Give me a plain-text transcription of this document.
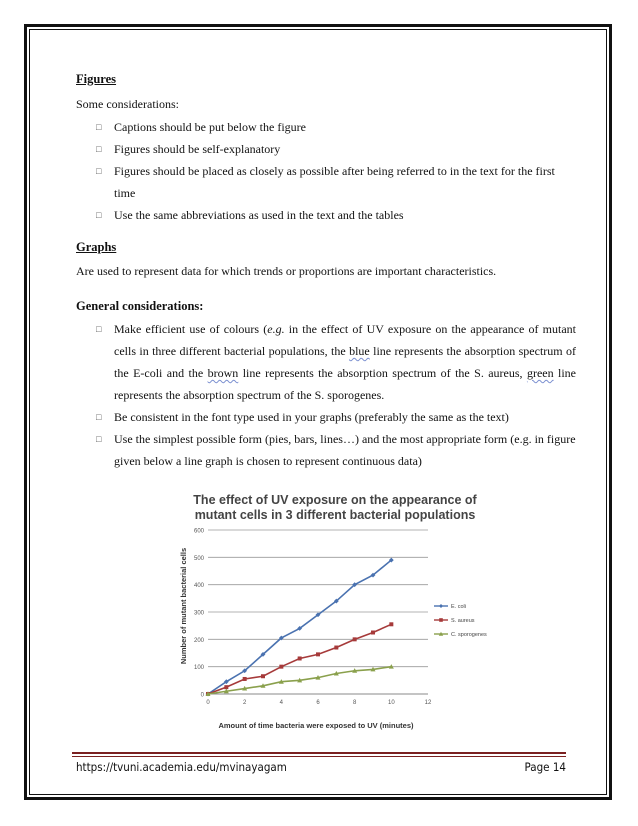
Figures

Some considerations:

□	Captions should be put below the figure
□	Figures should be self-explanatory
□	Figures should be placed as closely as possible after being referred to in the text for the first time
□	Use the same abbreviations as used in the text and the tables

Graphs

Are used to represent data for which trends or proportions are important characteristics.

General considerations:

□	Make efficient use of colours (e.g. in the effect of UV exposure on the appearance of mutant cells in three different bacterial populations, the blue line represents the absorption spectrum of the E-coli and the brown line represents the absorption spectrum of the S. aureus, green line represents the absorption spectrum of the S. sporogenes.
□	Be consistent in the font type used in your graphs (preferably the same as the text)
□	Use the simplest possible form (pies, bars, lines…) and the most appropriate form (e.g. in figure given below a line graph is chosen to represent continuous data)
The effect of UV exposure on the appearance of
mutant cells in 3 different bacterial populations
Number of mutant bacterial cells
Amount of time bacteria were exposed to UV (minutes)
0
100
200
300
400
500
600
0	2	4	6	8	10	12
E. coli
S. aureus
C. sporogenes
https://tvuni.academia.edu/mvinayagam	Page 14
